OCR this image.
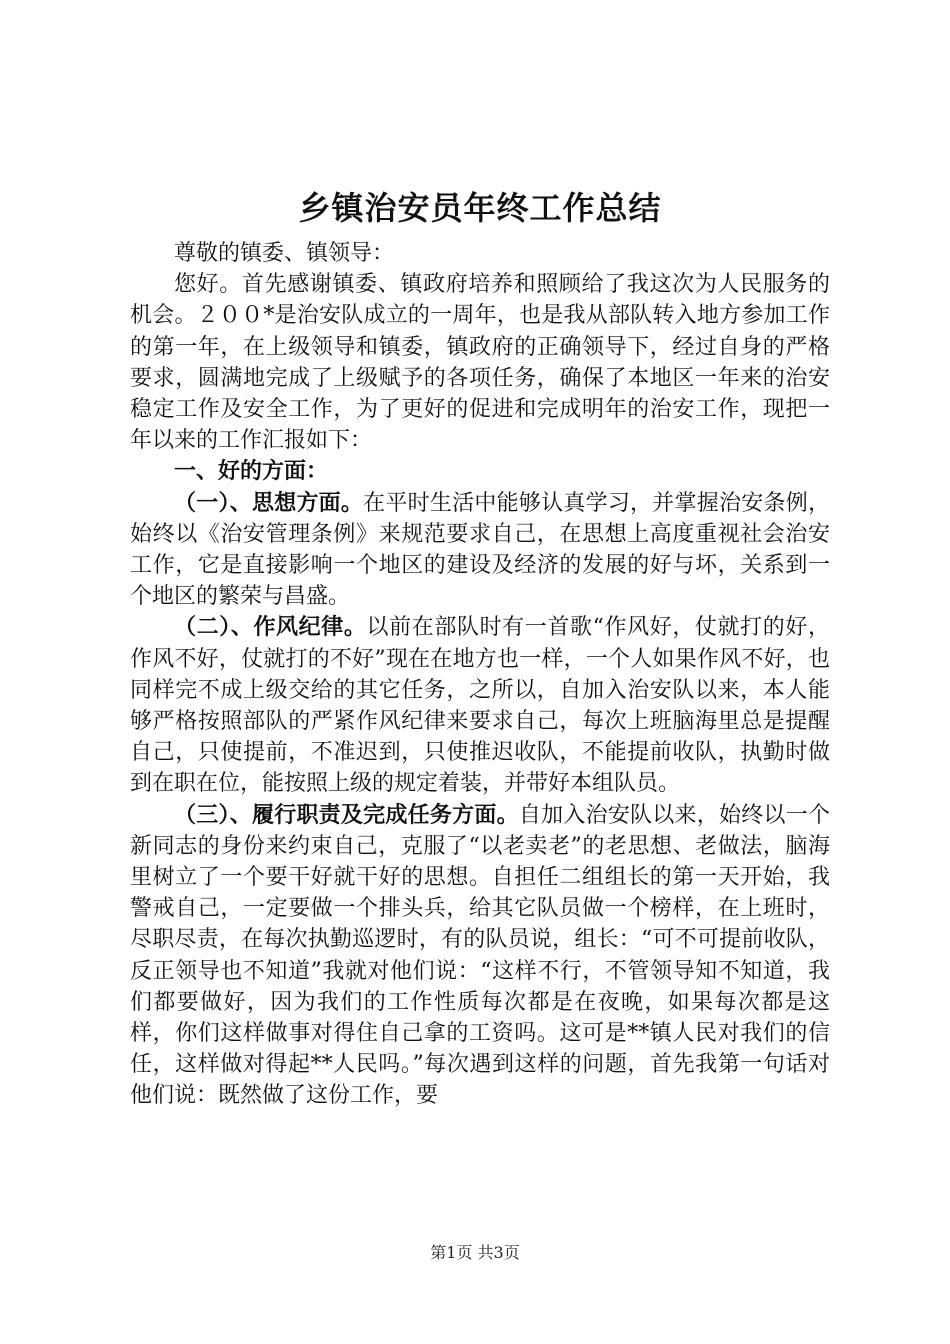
乡镇治安员年终工作总结

尊敬的镇委、镇领导：

您好。首先感谢镇委、镇政府培养和照顾给了我这次为人民服务的机会。２００*是治安队成立的一周年，也是我从部队转入地方参加工作的第一年，在上级领导和镇委，镇政府的正确领导下，经过自身的严格要求，圆满地完成了上级赋予的各项任务，确保了本地区一年来的治安稳定工作及安全工作，为了更好的促进和完成明年的治安工作，现把一年以来的工作汇报如下：

一、好的方面：

（一）、思想方面。在平时生活中能够认真学习，并掌握治安条例，始终以《治安管理条例》来规范要求自己，在思想上高度重视社会治安工作，它是直接影响一个地区的建设及经济的发展的好与坏，关系到一个地区的繁荣与昌盛。

（二）、作风纪律。以前在部队时有一首歌“作风好，仗就打的好，作风不好，仗就打的不好”现在在地方也一样，一个人如果作风不好，也同样完不成上级交给的其它任务，之所以，自加入治安队以来，本人能够严格按照部队的严紧作风纪律来要求自己，每次上班脑海里总是提醒自己，只使提前，不准迟到，只使推迟收队，不能提前收队，执勤时做到在职在位，能按照上级的规定着装，并带好本组队员。

（三）、履行职责及完成任务方面。自加入治安队以来，始终以一个新同志的身份来约束自己，克服了“以老卖老”的老思想、老做法，脑海里树立了一个要干好就干好的思想。自担任二组组长的第一天开始，我警戒自己，一定要做一个排头兵，给其它队员做一个榜样，在上班时，尽职尽责，在每次执勤巡逻时，有的队员说，组长：“可不可提前收队，反正领导也不知道”我就对他们说：“这样不行，不管领导知不知道，我们都要做好，因为我们的工作性质每次都是在夜晚，如果每次都是这样，你们这样做事对得住自己拿的工资吗。这可是**镇人民对我们的信任，这样做对得起**人民吗。”每次遇到这样的问题，首先我第一句话对他们说：既然做了这份工作，要

第1页 共3页
